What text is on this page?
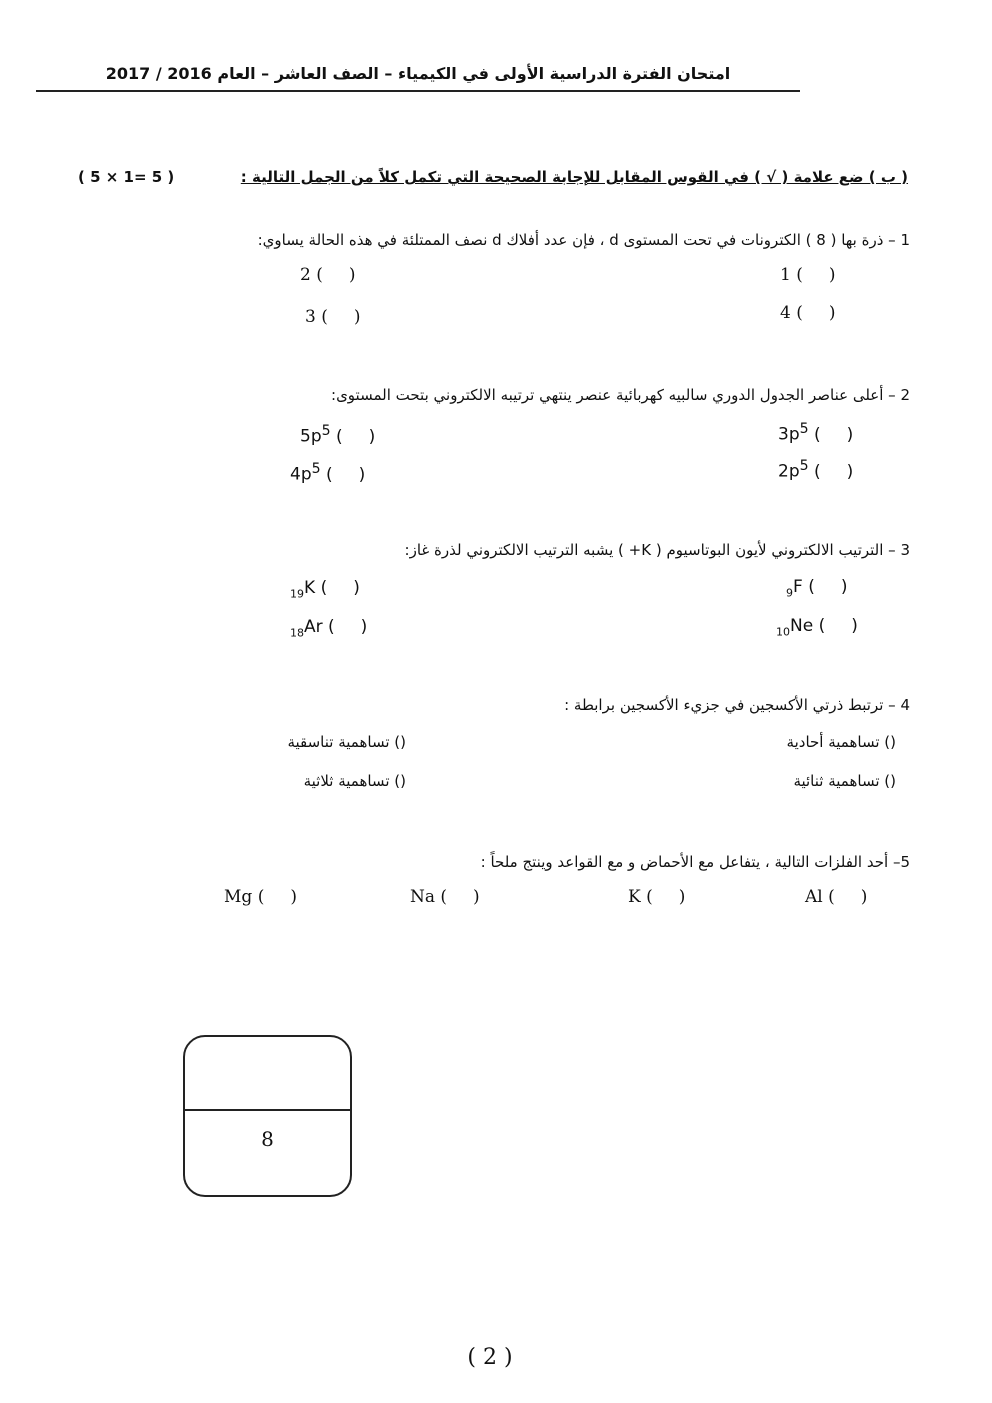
امتحان الفترة الدراسية الأولى في الكيمياء – الصف العاشر – العام 2016 / 2017
( ب ) ضع علامة ( √ ) في القوس المقابل للإجابة الصحيحة التي تكمل كلاً من الجمل التالية :
( 5 × 1= 5 )
1 – ذرة بها ( 8 ) الكترونات في تحت المستوى d ، فإن عدد أفلاك d نصف الممتلئة في هذه الحالة يساوي:
1 ()
2 ()
4 ()
3 ()
2 – أعلى عناصر الجدول الدوري سالبيه كهربائية عنصر ينتهي ترتيبه الالكتروني بتحت المستوى:
$3p^5$ ()
$5p^5$ ()
$2p^5$ ()
$4p^5$ ()
3 – الترتيب الالكتروني لأيون البوتاسيوم ( K+ ) يشبه الترتيب الالكتروني لذرة غاز:
$_9$F ()
$_{19}$K ()
$_{10}$Ne ()
$_{18}$Ar ()
4 – ترتبط ذرتي الأكسجين في جزيء الأكسجين برابطة :
() تساهمية أحادية
() تساهمية تناسقية
() تساهمية ثنائية
() تساهمية ثلاثية
5– أحد الفلزات التالية ، يتفاعل مع الأحماض و مع القواعد وينتج ملحاً :
Al ()
K ()
Na ()
Mg ()
8
( 2 )
